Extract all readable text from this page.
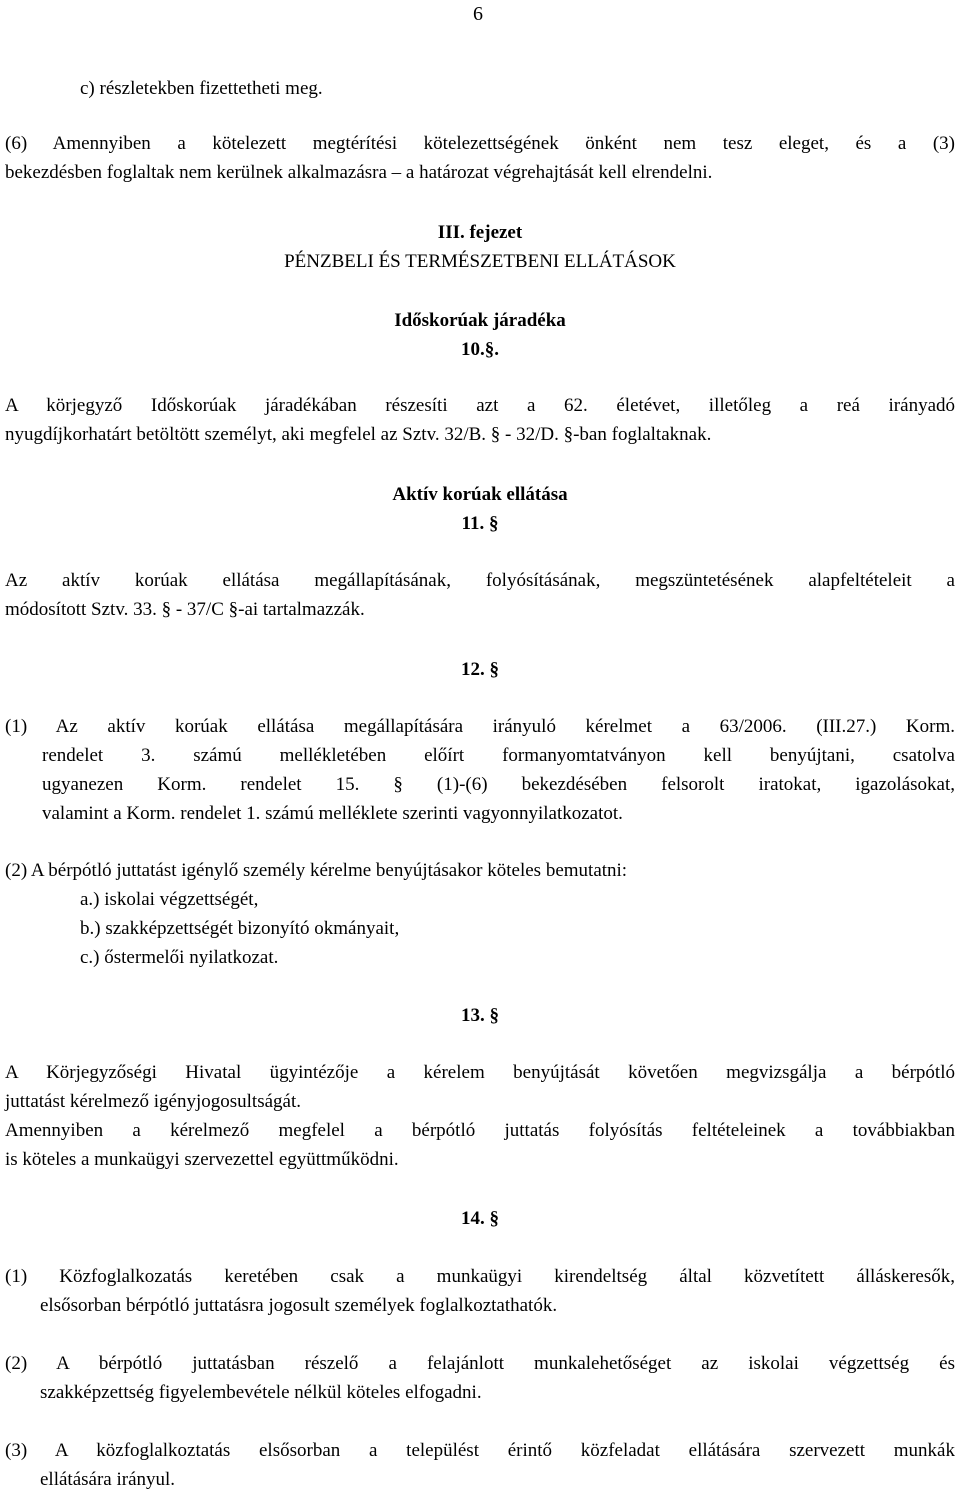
6
c) részletekben fizettetheti meg.
(6) Amennyiben a kötelezett megtérítési kötelezettségének önként nem tesz eleget, és a (3)
bekezdésben foglaltak nem kerülnek alkalmazásra – a határozat végrehajtását kell elrendelni.
III. fejezet
PÉNZBELI ÉS TERMÉSZETBENI ELLÁTÁSOK
Időskorúak járadéka
10.§.
A körjegyző Időskorúak járadékában részesíti azt a 62. életévet, illetőleg a reá irányadó
nyugdíjkorhatárt betöltött személyt, aki megfelel az Sztv. 32/B. § - 32/D. §-ban foglaltaknak.
Aktív korúak ellátása
11. §
Az aktív korúak ellátása megállapításának, folyósításának, megszüntetésének alapfeltételeit a
módosított Sztv. 33. § - 37/C §-ai tartalmazzák.
12. §
(1) Az aktív korúak ellátása megállapítására irányuló kérelmet a 63/2006. (III.27.) Korm.
rendelet 3. számú mellékletében előírt formanyomtatványon kell benyújtani, csatolva
ugyanezen Korm. rendelet 15. § (1)-(6) bekezdésében felsorolt iratokat, igazolásokat,
valamint a Korm. rendelet 1. számú melléklete szerinti vagyonnyilatkozatot.
(2) A bérpótló juttatást igénylő személy kérelme benyújtásakor köteles bemutatni:
a.) iskolai végzettségét,
b.) szakképzettségét bizonyító okmányait,
c.) őstermelői nyilatkozat.
13. §
A Körjegyzőségi Hivatal ügyintézője a kérelem benyújtását követően megvizsgálja a bérpótló
juttatást kérelmező igényjogosultságát.
Amennyiben a kérelmező megfelel a bérpótló juttatás folyósítás feltételeinek a továbbiakban
is köteles a munkaügyi szervezettel együttműködni.
14. §
(1) Közfoglalkozatás keretében csak a munkaügyi kirendeltség által közvetített álláskeresők,
elsősorban bérpótló juttatásra jogosult személyek foglalkoztathatók.
(2) A bérpótló juttatásban részelő a felajánlott munkalehetőséget az iskolai végzettség és
szakképzettség figyelembevétele nélkül köteles elfogadni.
(3) A közfoglalkoztatás elsősorban a települést érintő közfeladat ellátására szervezett munkák
ellátására irányul.
